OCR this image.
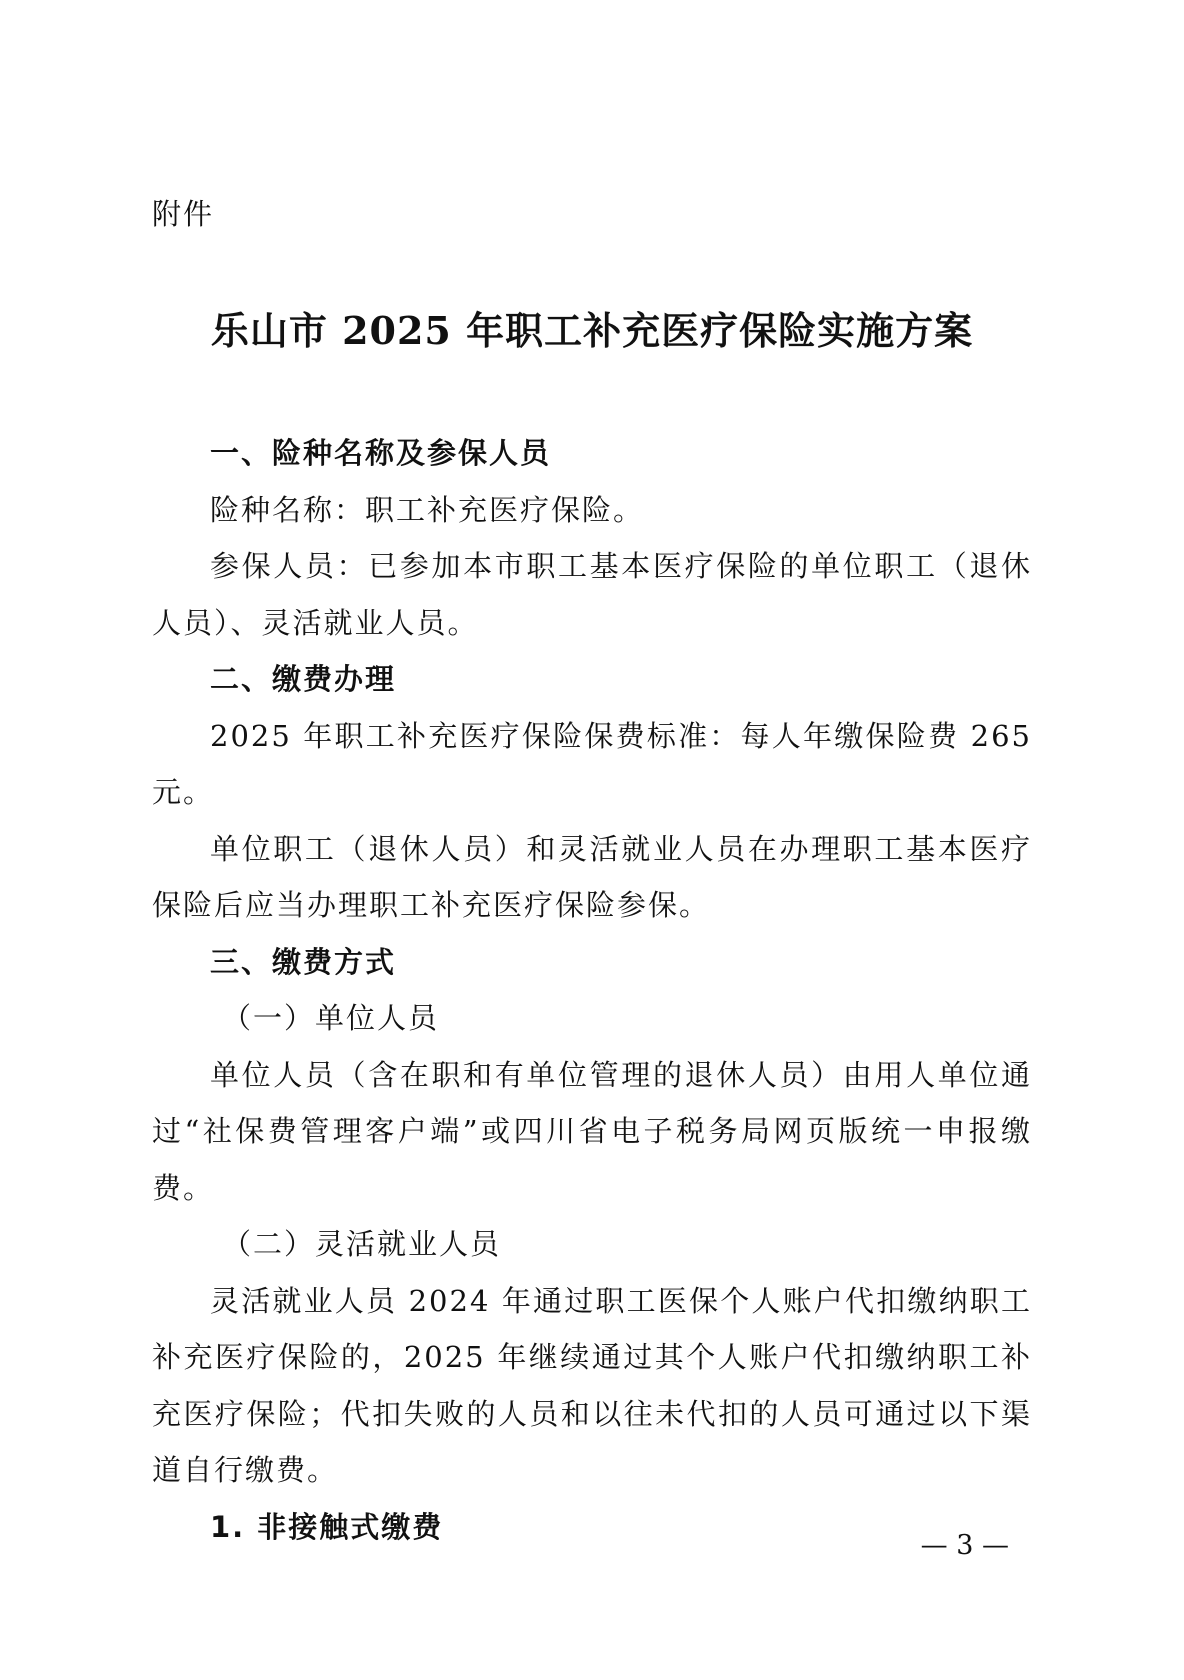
附件
乐山市 2025 年职工补充医疗保险实施方案

一、险种名称及参保人员

险种名称：职工补充医疗保险。

参保人员：已参加本市职工基本医疗保险的单位职工（退休人员）、灵活就业人员。

二、缴费办理

2025 年职工补充医疗保险保费标准：每人年缴保险费 265 元。

单位职工（退休人员）和灵活就业人员在办理职工基本医疗保险后应当办理职工补充医疗保险参保。

三、缴费方式

（一）单位人员

单位人员（含在职和有单位管理的退休人员）由用人单位通过“社保费管理客户端”或四川省电子税务局网页版统一申报缴费。

（二）灵活就业人员

灵活就业人员 2024 年通过职工医保个人账户代扣缴纳职工补充医疗保险的，2025 年继续通过其个人账户代扣缴纳职工补充医疗保险；代扣失败的人员和以往未代扣的人员可通过以下渠道自行缴费。

1. 非接触式缴费

— 3 —
